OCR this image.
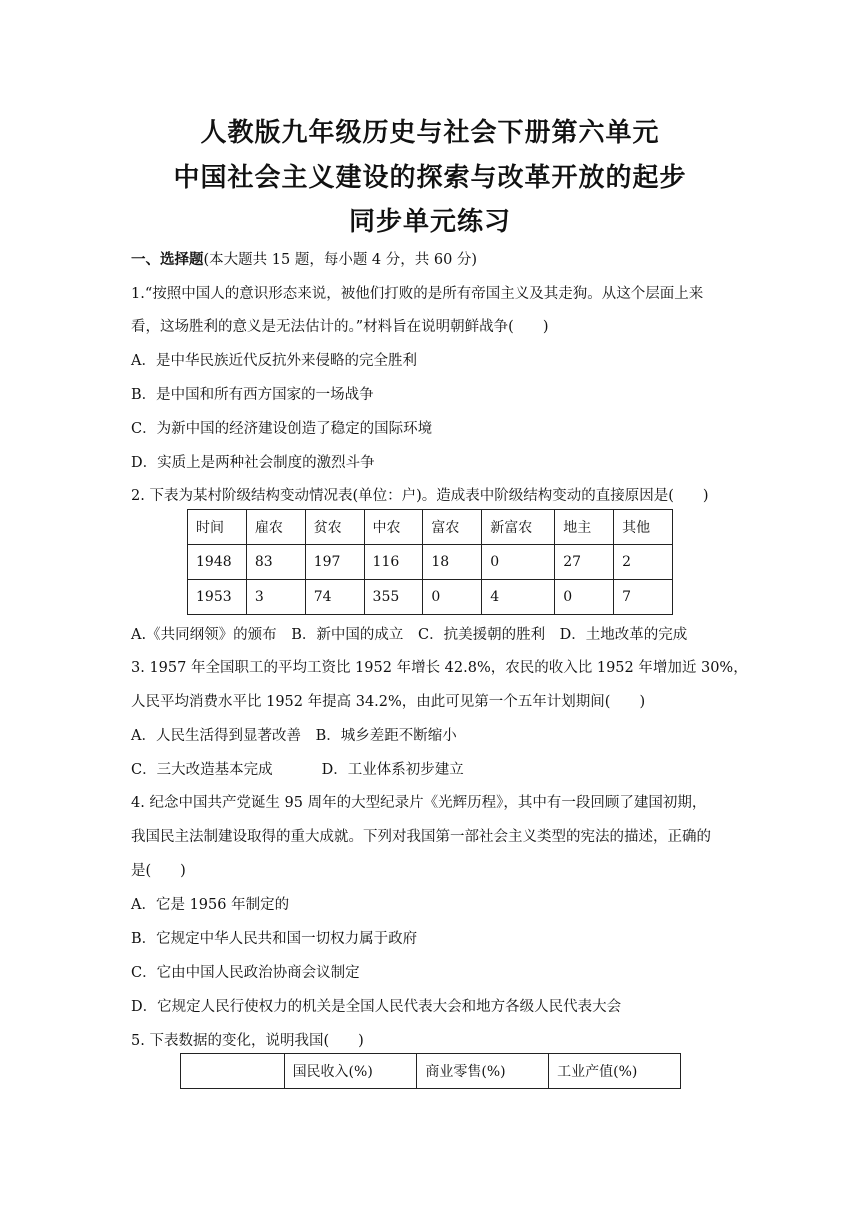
人教版九年级历史与社会下册第六单元
中国社会主义建设的探索与改革开放的起步
同步单元练习
一、选择题(本大题共 15 题，每小题 4 分，共 60 分)
1.“按照中国人的意识形态来说，被他们打败的是所有帝国主义及其走狗。从这个层面上来
看，这场胜利的意义是无法估计的。”材料旨在说明朝鲜战争(　　)
A．是中华民族近代反抗外来侵略的完全胜利
B．是中国和所有西方国家的一场战争
C．为新中国的经济建设创造了稳定的国际环境
D．实质上是两种社会制度的激烈斗争
2. 下表为某村阶级结构变动情况表(单位：户)。造成表中阶级结构变动的直接原因是(　　)
时间	雇农	贫农	中农	富农	新富农	地主	其他
1948	83	197	116	18	0	27	2
1953	3	74	355	0	4	0	7
A.《共同纲领》的颁布 B．新中国的成立 C．抗美援朝的胜利 D．土地改革的完成
3. 1957 年全国职工的平均工资比 1952 年增长 42.8%，农民的收入比 1952 年增加近 30%，
人民平均消费水平比 1952 年提高 34.2%，由此可见第一个五年计划期间(　　)
A．人民生活得到显著改善 B．城乡差距不断缩小
C．三大改造基本完成	D．工业体系初步建立
4. 纪念中国共产党诞生 95 周年的大型纪录片《光辉历程》，其中有一段回顾了建国初期，
我国民主法制建设取得的重大成就。下列对我国第一部社会主义类型的宪法的描述，正确的
是(　　)
A．它是 1956 年制定的
B．它规定中华人民共和国一切权力属于政府
C．它由中国人民政治协商会议制定
D．它规定人民行使权力的机关是全国人民代表大会和地方各级人民代表大会
5. 下表数据的变化，说明我国(　　)
	国民收入(%)	商业零售(%)	工业产值(%)
